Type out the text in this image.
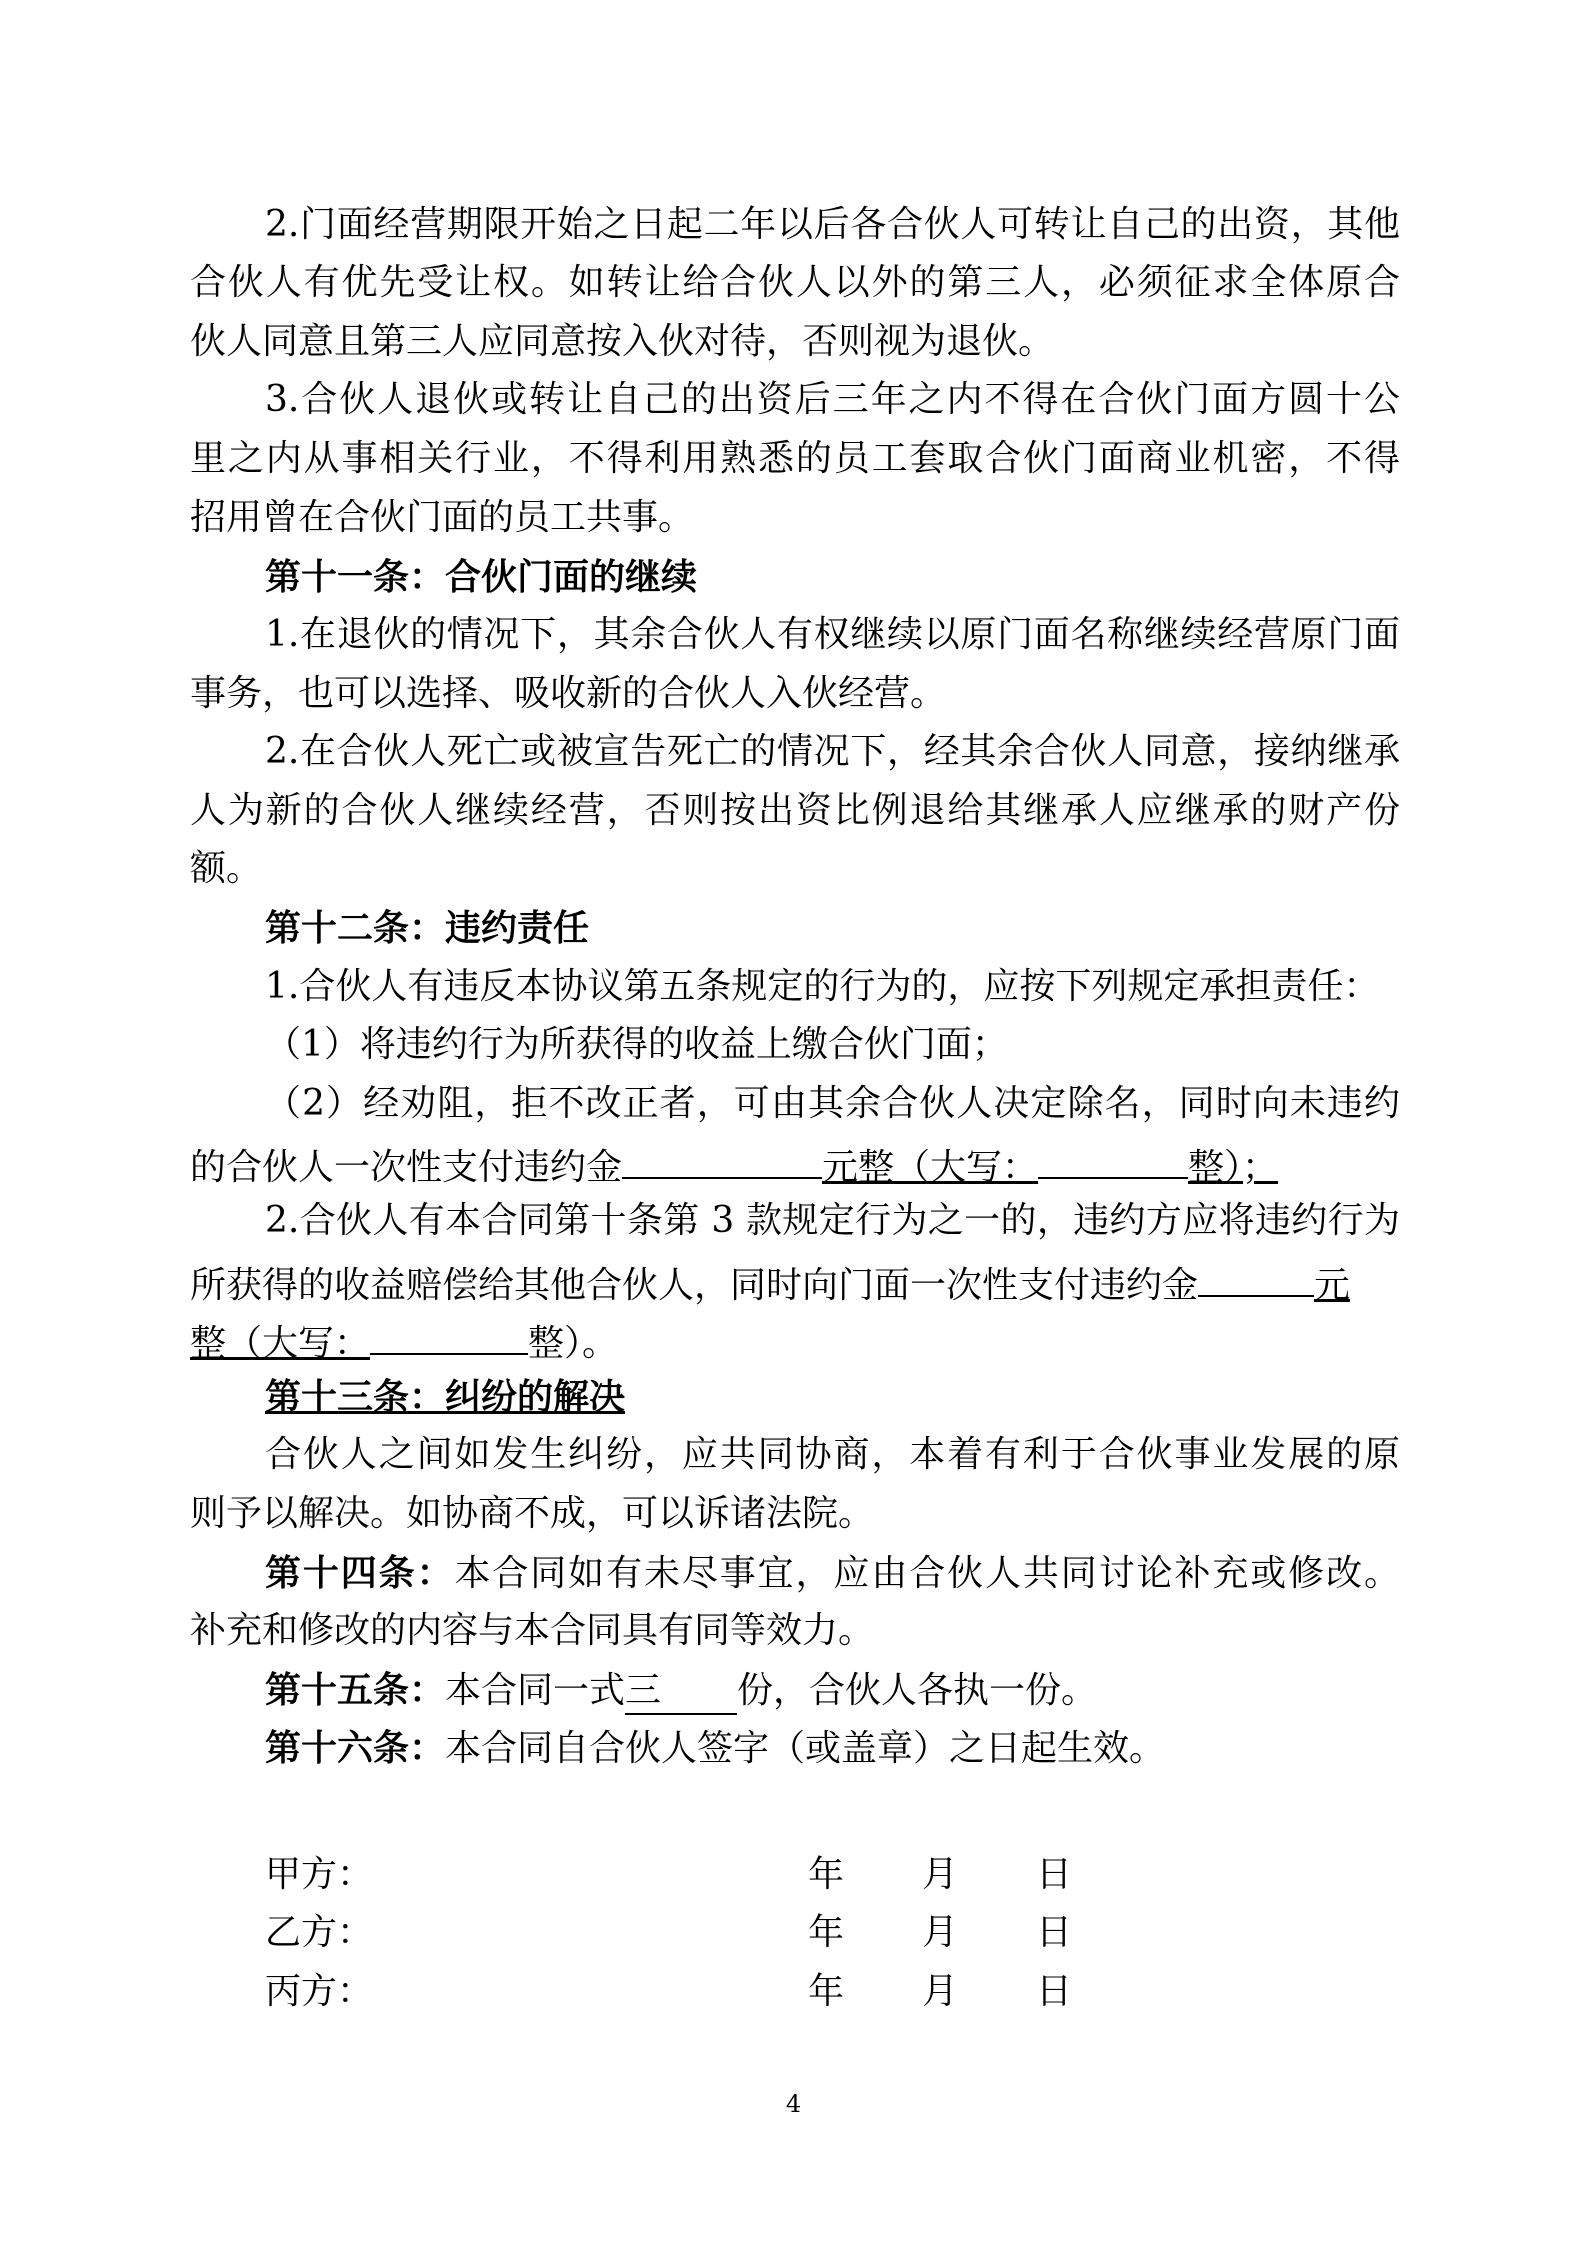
2.门面经营期限开始之日起二年以后各合伙人可转让自己的出资，其他
合伙人有优先受让权。如转让给合伙人以外的第三人，必须征求全体原合
伙人同意且第三人应同意按入伙对待，否则视为退伙。
3.合伙人退伙或转让自己的出资后三年之内不得在合伙门面方圆十公
里之内从事相关行业，不得利用熟悉的员工套取合伙门面商业机密，不得
招用曾在合伙门面的员工共事。
第十一条：合伙门面的继续
1.在退伙的情况下，其余合伙人有权继续以原门面名称继续经营原门面
事务，也可以选择、吸收新的合伙人入伙经营。
2.在合伙人死亡或被宣告死亡的情况下，经其余合伙人同意，接纳继承
人为新的合伙人继续经营，否则按出资比例退给其继承人应继承的财产份
额。
第十二条：违约责任
1.合伙人有违反本协议第五条规定的行为的，应按下列规定承担责任：
（1）将违约行为所获得的收益上缴合伙门面；
（2）经劝阻，拒不改正者，可由其余合伙人决定除名，同时向未违约
的合伙人一次性支付违约金	元整（大写：	整）；
2.合伙人有本合同第十条第 3 款规定行为之一的，违约方应将违约行为
所获得的收益赔偿给其他合伙人，同时向门面一次性支付违约金	元
整（大写：	整）。
第十三条：纠纷的解决
合伙人之间如发生纠纷，应共同协商，本着有利于合伙事业发展的原
则予以解决。如协商不成，可以诉诸法院。
第十四条：本合同如有未尽事宜，应由合伙人共同讨论补充或修改。
补充和修改的内容与本合同具有同等效力。
第十五条：本合同一式三 份，合伙人各执一份。
第十六条：本合同自合伙人签字（或盖章）之日起生效。
甲方：	年 月 日
乙方：	年 月 日
丙方：	年 月 日
4
